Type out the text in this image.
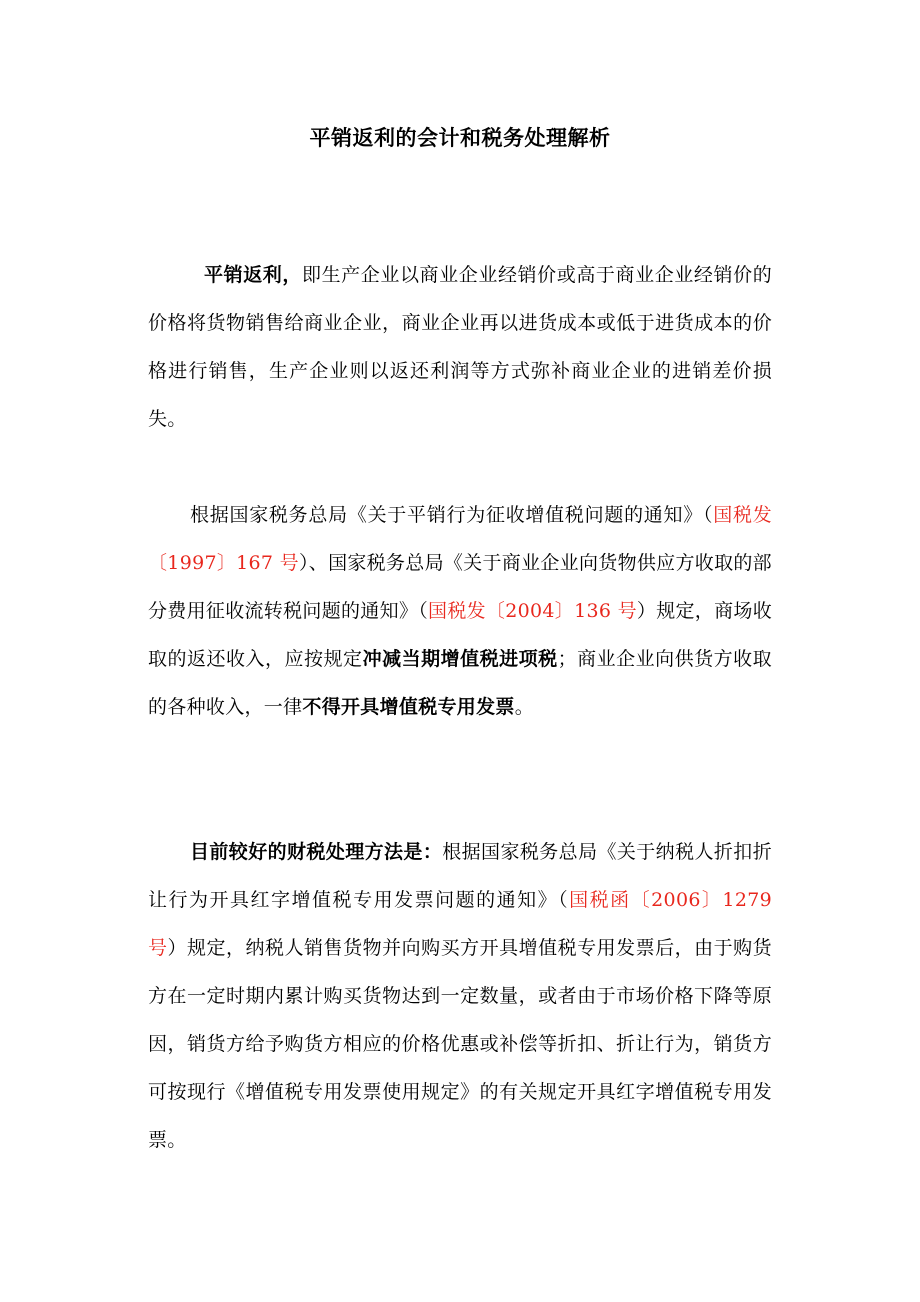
平销返利的会计和税务处理解析
平销返利，即生产企业以商业企业经销价或高于商业企业经销价的价格将货物销售给商业企业，商业企业再以进货成本或低于进货成本的价格进行销售，生产企业则以返还利润等方式弥补商业企业的进销差价损失。
根据国家税务总局《关于平销行为征收增值税问题的通知》（国税发〔1997〕167 号）、国家税务总局《关于商业企业向货物供应方收取的部分费用征收流转税问题的通知》（国税发〔2004〕136 号）规定，商场收取的返还收入，应按规定冲减当期增值税进项税；商业企业向供货方收取的各种收入，一律不得开具增值税专用发票。
目前较好的财税处理方法是：根据国家税务总局《关于纳税人折扣折让行为开具红字增值税专用发票问题的通知》（国税函〔2006〕1279 号）规定，纳税人销售货物并向购买方开具增值税专用发票后，由于购货方在一定时期内累计购买货物达到一定数量，或者由于市场价格下降等原因，销货方给予购货方相应的价格优惠或补偿等折扣、折让行为，销货方可按现行《增值税专用发票使用规定》的有关规定开具红字增值税专用发票。
